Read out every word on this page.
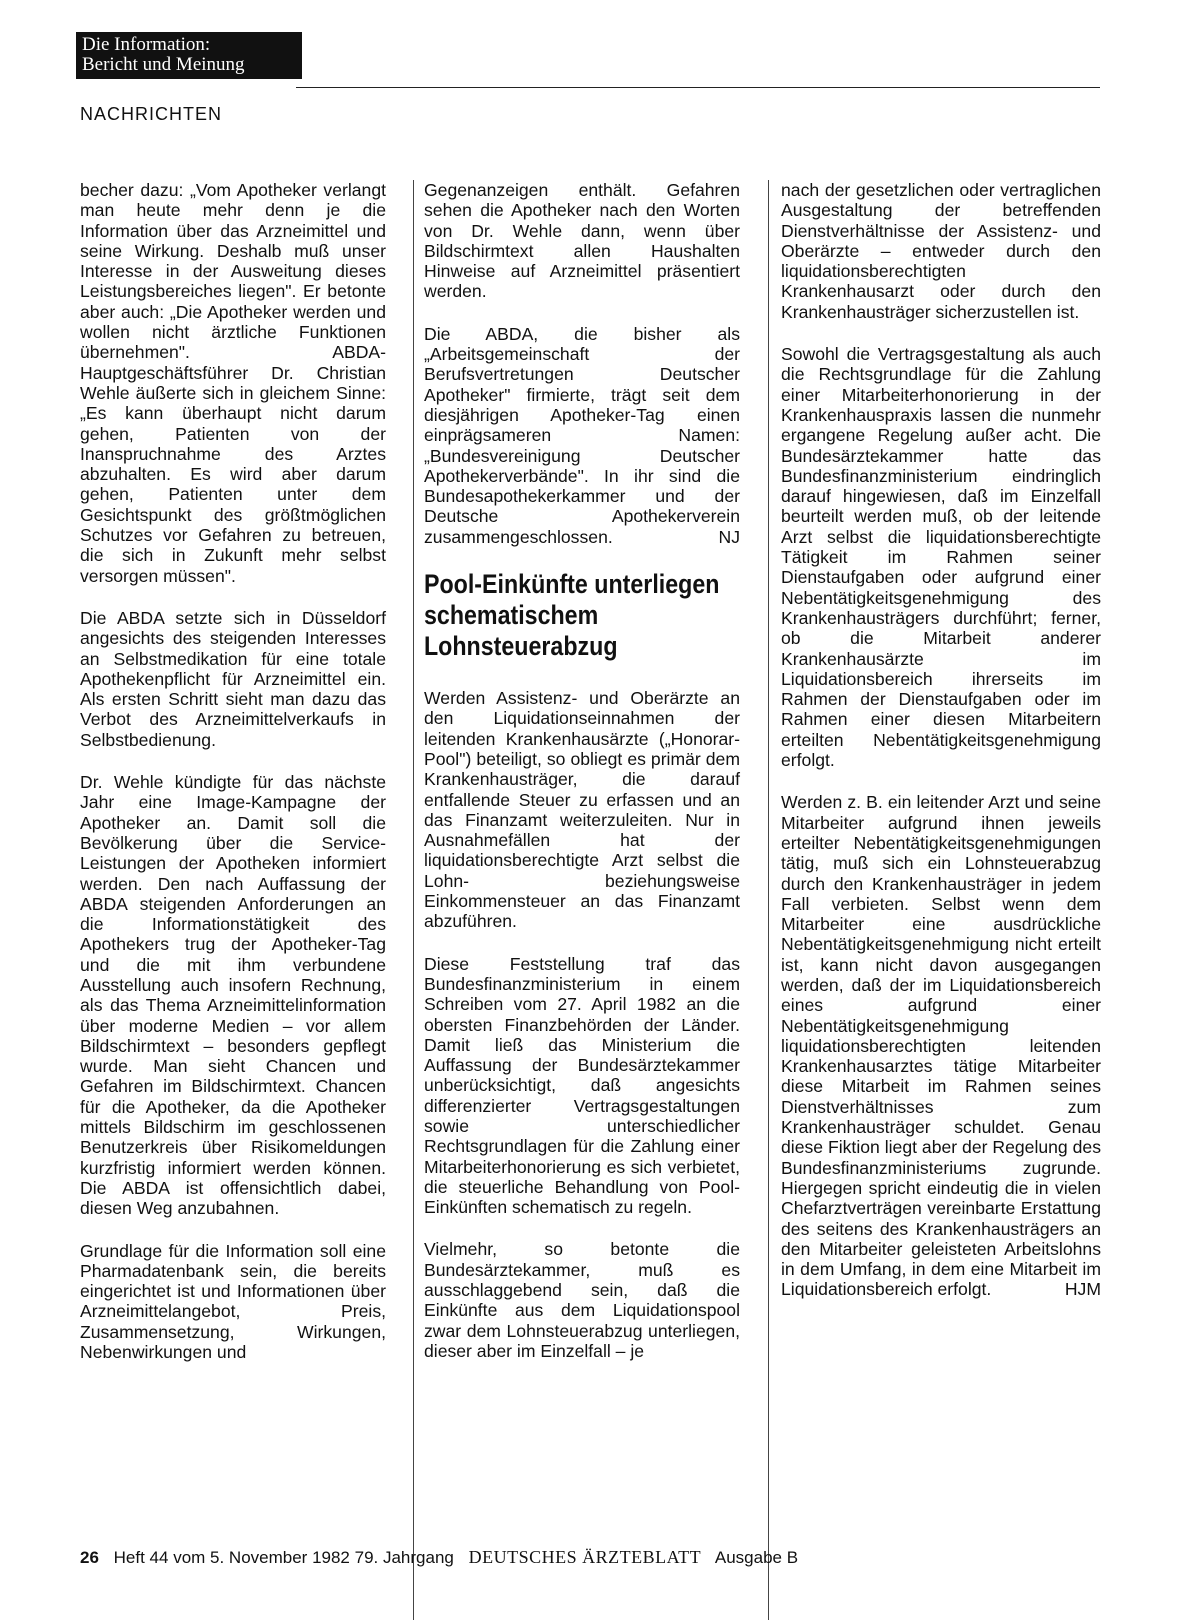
Die Information:
Bericht und Meinung
NACHRICHTEN

becher dazu: „Vom Apotheker verlangt man heute mehr denn je die Information über das Arzneimittel und seine Wirkung. Deshalb muß unser Interesse in der Ausweitung dieses Leistungsbereiches liegen". Er betonte aber auch: „Die Apotheker werden und wollen nicht ärztliche Funktionen übernehmen". ABDA-Hauptgeschäftsführer Dr. Christian Wehle äußerte sich in gleichem Sinne: „Es kann überhaupt nicht darum gehen, Patienten von der Inanspruchnahme des Arztes abzuhalten. Es wird aber darum gehen, Patienten unter dem Gesichtspunkt des größtmöglichen Schutzes vor Gefahren zu betreuen, die sich in Zukunft mehr selbst versorgen müssen".

Die ABDA setzte sich in Düsseldorf angesichts des steigenden Interesses an Selbstmedikation für eine totale Apothekenpflicht für Arzneimittel ein. Als ersten Schritt sieht man dazu das Verbot des Arzneimittelverkaufs in Selbstbedienung.

Dr. Wehle kündigte für das nächste Jahr eine Image-Kampagne der Apotheker an. Damit soll die Bevölkerung über die Service-Leistungen der Apotheken informiert werden. Den nach Auffassung der ABDA steigenden Anforderungen an die Informationstätigkeit des Apothekers trug der Apotheker-Tag und die mit ihm verbundene Ausstellung auch insofern Rechnung, als das Thema Arzneimittelinformation über moderne Medien – vor allem Bildschirmtext – besonders gepflegt wurde. Man sieht Chancen und Gefahren im Bildschirmtext. Chancen für die Apotheker, da die Apotheker mittels Bildschirm im geschlossenen Benutzerkreis über Risikomeldungen kurzfristig informiert werden können. Die ABDA ist offensichtlich dabei, diesen Weg anzubahnen.

Grundlage für die Information soll eine Pharmadatenbank sein, die bereits eingerichtet ist und Informationen über Arzneimittelangebot, Preis, Zusammensetzung, Wirkungen, Nebenwirkungen und

Gegenanzeigen enthält. Gefahren sehen die Apotheker nach den Worten von Dr. Wehle dann, wenn über Bildschirmtext allen Haushalten Hinweise auf Arzneimittel präsentiert werden.

Die ABDA, die bisher als „Arbeitsgemeinschaft der Berufsvertretungen Deutscher Apotheker" firmierte, trägt seit dem diesjährigen Apotheker-Tag einen einprägsameren Namen: „Bundesvereinigung Deutscher Apothekerverbände". In ihr sind die Bundesapothekerkammer und der Deutsche Apothekerverein zusammengeschlossen.	NJ

Pool-Einkünfte unterliegen schematischem Lohnsteuerabzug

Werden Assistenz- und Oberärzte an den Liquidationseinnahmen der leitenden Krankenhausärzte („Honorar-Pool") beteiligt, so obliegt es primär dem Krankenhausträger, die darauf entfallende Steuer zu erfassen und an das Finanzamt weiterzuleiten. Nur in Ausnahmefällen hat der liquidationsberechtigte Arzt selbst die Lohn- beziehungsweise Einkommensteuer an das Finanzamt abzuführen.

Diese Feststellung traf das Bundesfinanzministerium in einem Schreiben vom 27. April 1982 an die obersten Finanzbehörden der Länder. Damit ließ das Ministerium die Auffassung der Bundesärztekammer unberücksichtigt, daß angesichts differenzierter Vertragsgestaltungen sowie unterschiedlicher Rechtsgrundlagen für die Zahlung einer Mitarbeiterhonorierung es sich verbietet, die steuerliche Behandlung von Pool-Einkünften schematisch zu regeln.

Vielmehr, so betonte die Bundesärztekammer, muß es ausschlaggebend sein, daß die Einkünfte aus dem Liquidationspool zwar dem Lohnsteuerabzug unterliegen, dieser aber im Einzelfall – je

nach der gesetzlichen oder vertraglichen Ausgestaltung der betreffenden Dienstverhältnisse der Assistenz- und Oberärzte – entweder durch den liquidationsberechtigten Krankenhausarzt oder durch den Krankenhausträger sicherzustellen ist.

Sowohl die Vertragsgestaltung als auch die Rechtsgrundlage für die Zahlung einer Mitarbeiterhonorierung in der Krankenhauspraxis lassen die nunmehr ergangene Regelung außer acht. Die Bundesärztekammer hatte das Bundesfinanzministerium eindringlich darauf hingewiesen, daß im Einzelfall beurteilt werden muß, ob der leitende Arzt selbst die liquidationsberechtigte Tätigkeit im Rahmen seiner Dienstaufgaben oder aufgrund einer Nebentätigkeitsgenehmigung des Krankenhausträgers durchführt; ferner, ob die Mitarbeit anderer Krankenhausärzte im Liquidationsbereich ihrerseits im Rahmen der Dienstaufgaben oder im Rahmen einer diesen Mitarbeitern erteilten Nebentätigkeitsgenehmigung erfolgt.

Werden z. B. ein leitender Arzt und seine Mitarbeiter aufgrund ihnen jeweils erteilter Nebentätigkeitsgenehmigungen tätig, muß sich ein Lohnsteuerabzug durch den Krankenhausträger in jedem Fall verbieten. Selbst wenn dem Mitarbeiter eine ausdrückliche Nebentätigkeitsgenehmigung nicht erteilt ist, kann nicht davon ausgegangen werden, daß der im Liquidationsbereich eines aufgrund einer Nebentätigkeitsgenehmigung liquidationsberechtigten leitenden Krankenhausarztes tätige Mitarbeiter diese Mitarbeit im Rahmen seines Dienstverhältnisses zum Krankenhausträger schuldet. Genau diese Fiktion liegt aber der Regelung des Bundesfinanzministeriums zugrunde. Hiergegen spricht eindeutig die in vielen Chefarztverträgen vereinbarte Erstattung des seitens des Krankenhausträgers an den Mitarbeiter geleisteten Arbeitslohns in dem Umfang, in dem eine Mitarbeit im Liquidationsbereich erfolgt.	HJM

26 Heft 44 vom 5. November 1982 79. Jahrgang DEUTSCHES ÄRZTEBLATT Ausgabe B
